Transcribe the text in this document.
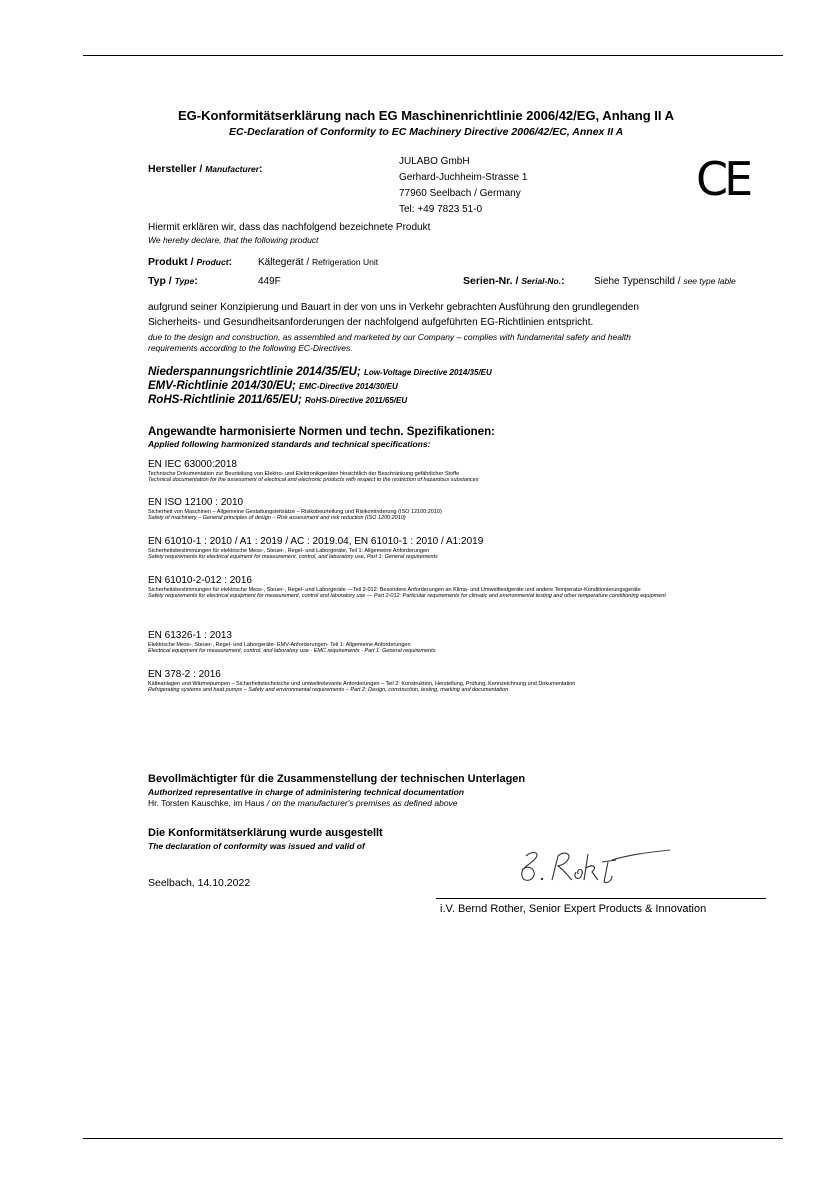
EG-Konformitätserklärung nach EG Maschinenrichtlinie 2006/42/EG, Anhang II A
EC-Declaration of Conformity to EC Machinery Directive 2006/42/EC, Annex II A
Hersteller / Manufacturer:
JULABO GmbH
Gerhard-Juchheim-Strasse 1
77960 Seelbach / Germany
Tel: +49 7823 51-0
CE
Hiermit erklären wir, dass das nachfolgend bezeichnete Produkt
We hereby declare, that the following product
Produkt / Product:	Kältegerät / Refrigeration Unit
Typ / Type:	449F	Serien-Nr. / Serial-No.:	Siehe Typenschild / see type lable
aufgrund seiner Konzipierung und Bauart in der von uns in Verkehr gebrachten Ausführung den grundlegenden
Sicherheits- und Gesundheitsanforderungen der nachfolgend aufgeführten EG-Richtlinien entspricht.
due to the design and construction, as assembled and marketed by our Company – complies with fundamental safety and health
requirements according to the following EC-Directives.
Niederspannungsrichtlinie 2014/35/EU; Low-Voltage Directive 2014/35/EU
EMV-Richtlinie 2014/30/EU; EMC-Directive 2014/30/EU
RoHS-Richtlinie 2011/65/EU; RoHS-Directive 2011/65/EU
Angewandte harmonisierte Normen und techn. Spezifikationen:
Applied following harmonized standards and technical specifications:
EN IEC 63000:2018
Technische Dokumentation zur Beurteilung von Elektro- und Elektronikgeräten hinsichtlich der Beschränkung gefährlicher Stoffe
Technical documentation for the assessment of electrical and electronic products with respect to the restriction of hazardous substances
EN ISO 12100 : 2010
Sicherheit von Maschinen – Allgemeine Gestaltungsleitsätze – Risikobeurteilung und Risikominderung (ISO 12100:2010)
Safety of machinery – General principles of design – Risk assessment and risk reduction (ISO 1200:2010)
EN 61010-1 : 2010 / A1 : 2019 / AC : 2019.04, EN 61010-1 : 2010 / A1:2019
Sicherheitsbestimmungen für elektrische Mess-, Steuer-, Regel- und Laborgeräte, Teil 1: Allgemeine Anforderungen
Safety requirements for electrical equiment for measurement, control, and laboratory use, Part 1: General requirements
EN 61010-2-012 : 2016
Sicherheitsbestimmungen für elektrische Mess-, Steuer-, Regel- und Laborgeräte —Teil 2-012: Besondere Anforderungen an Klima- und Umwelttestgeräte und andere Temperatur-Konditionierungsgeräte
Safety requirements for electrical equipment for measurement, control and laboratory use — Part 2-012: Particular requirements for climatic and environmental testing and other temperature conditioning equipment
EN 61326-1 : 2013
Elektrische Mess-, Steuer-, Regel- und Laborgeräte- EMV-Anforderungen- Teil 1: Allgemeine Anforderungen
Electrical equipment for measurement, control, and laboratory use · EMC requirements · Part 1: General requirements
EN 378-2 : 2016
Kälteanlagen und Wärmepumpen – Sicherheitstechnische und umweltrelevante Anforderungen – Teil 2: Konstruktion, Herstellung, Prüfung, Kennzeichnung und Dokumentation
Refrigerating systems and heat pumps – Safety and environmental requirements – Part 2: Design, construction, testing, marking and documentation
Bevollmächtigter für die Zusammenstellung der technischen Unterlagen
Authorized representative in charge of administering technical documentation
Hr. Torsten Kauschke, im Haus / on the manufacturer's premises as defined above
Die Konformitätserklärung wurde ausgestellt
The declaration of conformity was issued and valid of
Seelbach, 14.10.2022
i.V. Bernd Rother, Senior Expert Products & Innovation
